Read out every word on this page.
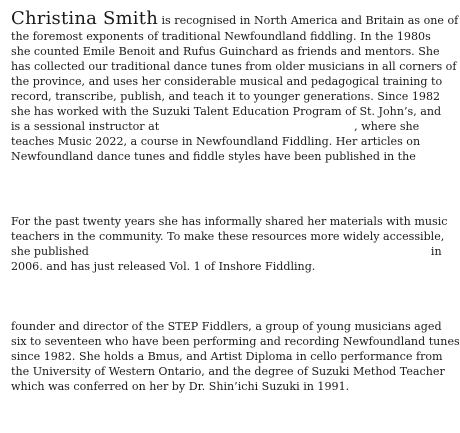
Christina Smith is recognised in North America and Britain as one of
the foremost exponents of traditional Newfoundland fiddling. In the 1980s
she counted Emile Benoit and Rufus Guinchard as friends and mentors. She
has collected our traditional dance tunes from older musicians in all corners of
the province, and uses her considerable musical and pedagogical training to
record, transcribe, publish, and teach it to younger generations. Since 1982
she has worked with the Suzuki Talent Education Program of St. John’s, and
is a sessional instructor at	, where she
teaches Music 2022, a course in Newfoundland Fiddling. Her articles on
Newfoundland dance tunes and fiddle styles have been published in the
For the past twenty years she has informally shared her materials with music
teachers in the community. To make these resources more widely accessible,
she published	in
2006. and has just released Vol. 1 of Inshore Fiddling.
founder and director of the STEP Fiddlers, a group of young musicians aged
six to seventeen who have been performing and recording Newfoundland tunes
since 1982. She holds a Bmus, and Artist Diploma in cello performance from
the University of Western Ontario, and the degree of Suzuki Method Teacher
which was conferred on her by Dr. Shin’ichi Suzuki in 1991.
